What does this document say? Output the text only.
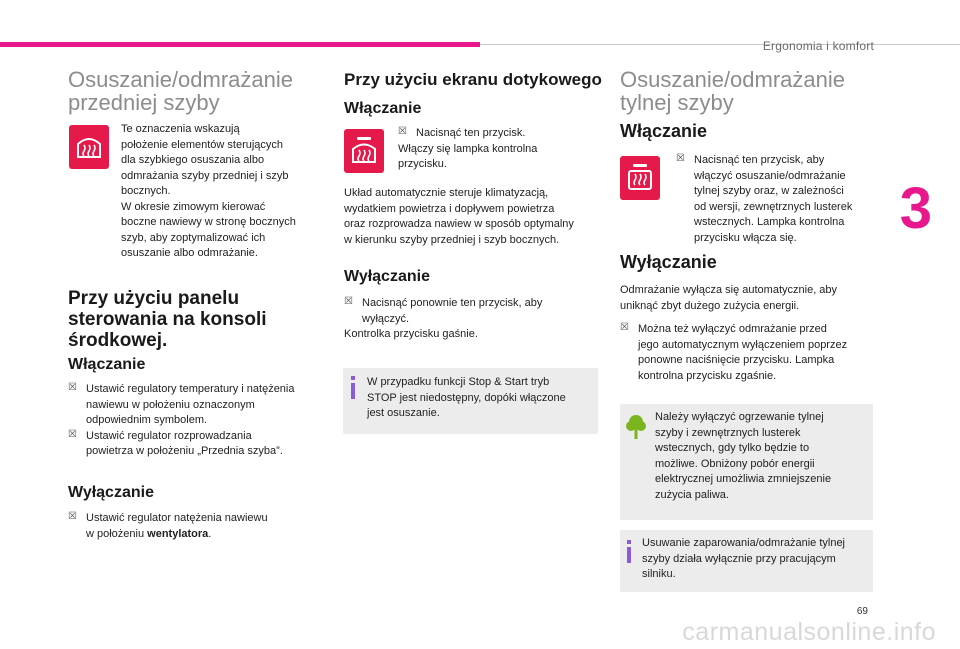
Ergonomia i komfort
3
Osuszanie/odmrażanie
przedniej szyby
Te oznaczenia wskazują
położenie elementów sterujących
dla szybkiego osuszania albo
odmrażania szyby przedniej i szyb
bocznych.
W okresie zimowym kierować
boczne nawiewy w stronę bocznych
szyb, aby zoptymalizować ich
osuszanie albo odmrażanie.
Przy użyciu panelu
sterowania na konsoli
środkowej.
Włączanie
☒ Ustawić regulatory temperatury i natężenia
nawiewu w położeniu oznaczonym
odpowiednim symbolem.
☒ Ustawić regulator rozprowadzania
powietrza w położeniu „Przednia szyba”.
Wyłączanie
☒ Ustawić regulator natężenia nawiewu
w położeniu wentylatora.
Przy użyciu ekranu dotykowego
Włączanie
☒ Nacisnąć ten przycisk.
Włączy się lampka kontrolna
przycisku.
Układ automatycznie steruje klimatyzacją,
wydatkiem powietrza i dopływem powietrza
oraz rozprowadza nawiew w sposób optymalny
w kierunku szyby przedniej i szyb bocznych.
Wyłączanie
☒ Nacisnąć ponownie ten przycisk, aby
wyłączyć.
Kontrolka przycisku gaśnie.
W przypadku funkcji Stop & Start tryb
STOP jest niedostępny, dopóki włączone
jest osuszanie.
Osuszanie/odmrażanie
tylnej szyby
Włączanie
☒ Nacisnąć ten przycisk, aby
włączyć osuszanie/odmrażanie
tylnej szyby oraz, w zależności
od wersji, zewnętrznych lusterek
wstecznych. Lampka kontrolna
przycisku włącza się.
Wyłączanie
Odmrażanie wyłącza się automatycznie, aby
uniknąć zbyt dużego zużycia energii.
☒ Można też wyłączyć odmrażanie przed
jego automatycznym wyłączeniem poprzez
ponowne naciśnięcie przycisku. Lampka
kontrolna przycisku zgaśnie.
Należy wyłączyć ogrzewanie tylnej
szyby i zewnętrznych lusterek
wstecznych, gdy tylko będzie to
możliwe. Obniżony pobór energii
elektrycznej umożliwia zmniejszenie
zużycia paliwa.
Usuwanie zaparowania/odmrażanie tylnej
szyby działa wyłącznie przy pracującym
silniku.
69
carmanualsonline.info
